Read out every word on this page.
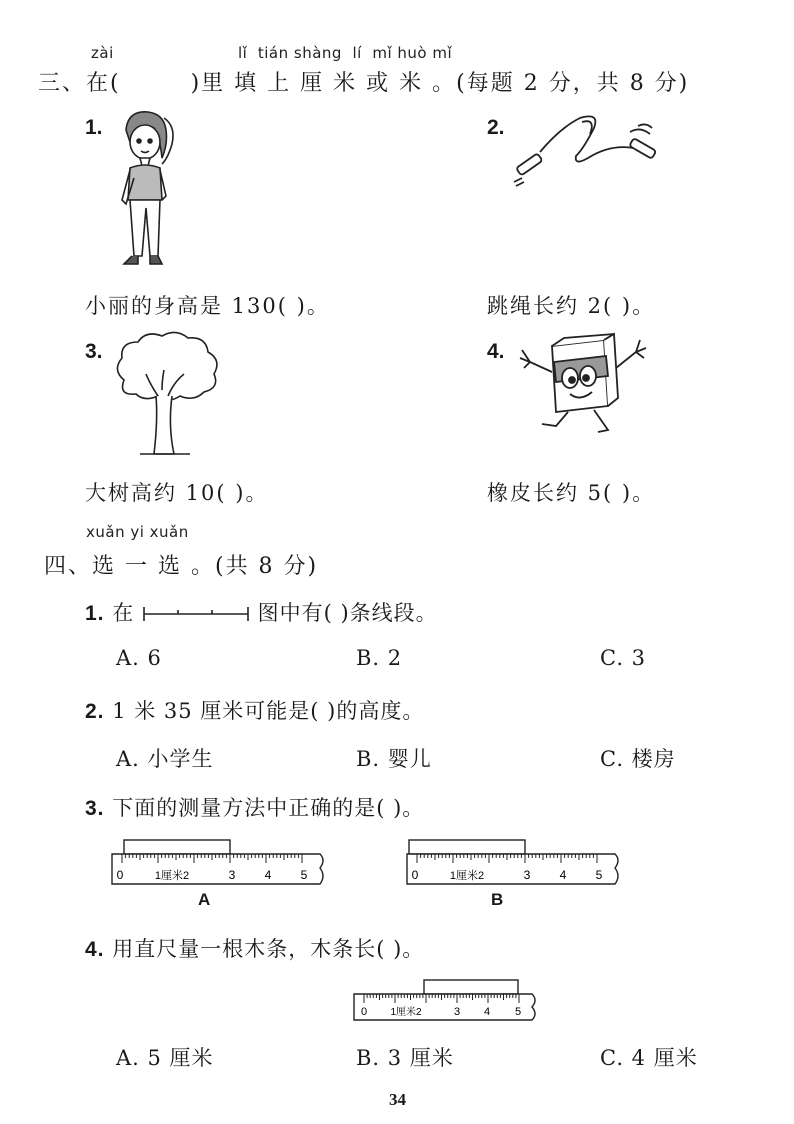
zài	lǐ  tián shàng  lí  mǐ huò mǐ
三、在(	)里 填 上 厘 米 或 米 。(每题 2 分，共 8 分)
1.	2.
3.	4.
小丽的身高是 130( )。	跳绳长约 2( )。
大树高约 10( )。	橡皮长约 5( )。
xuǎn yi xuǎn
四、选 一 选 。(共 8 分)
1. 在	图中有( )条线段。
A. 6	B. 2	C. 3
2. 1 米 35 厘米可能是( )的高度。
A. 小学生	B. 婴儿	C. 楼房
3. 下面的测量方法中正确的是( )。
0	1厘米2	3 4 5
A
0	1厘米2	3 4 5
B
4. 用直尺量一根木条，木条长( )。
0 1厘米2	3 4 5
A. 5 厘米	B. 3 厘米	C. 4 厘米
34
